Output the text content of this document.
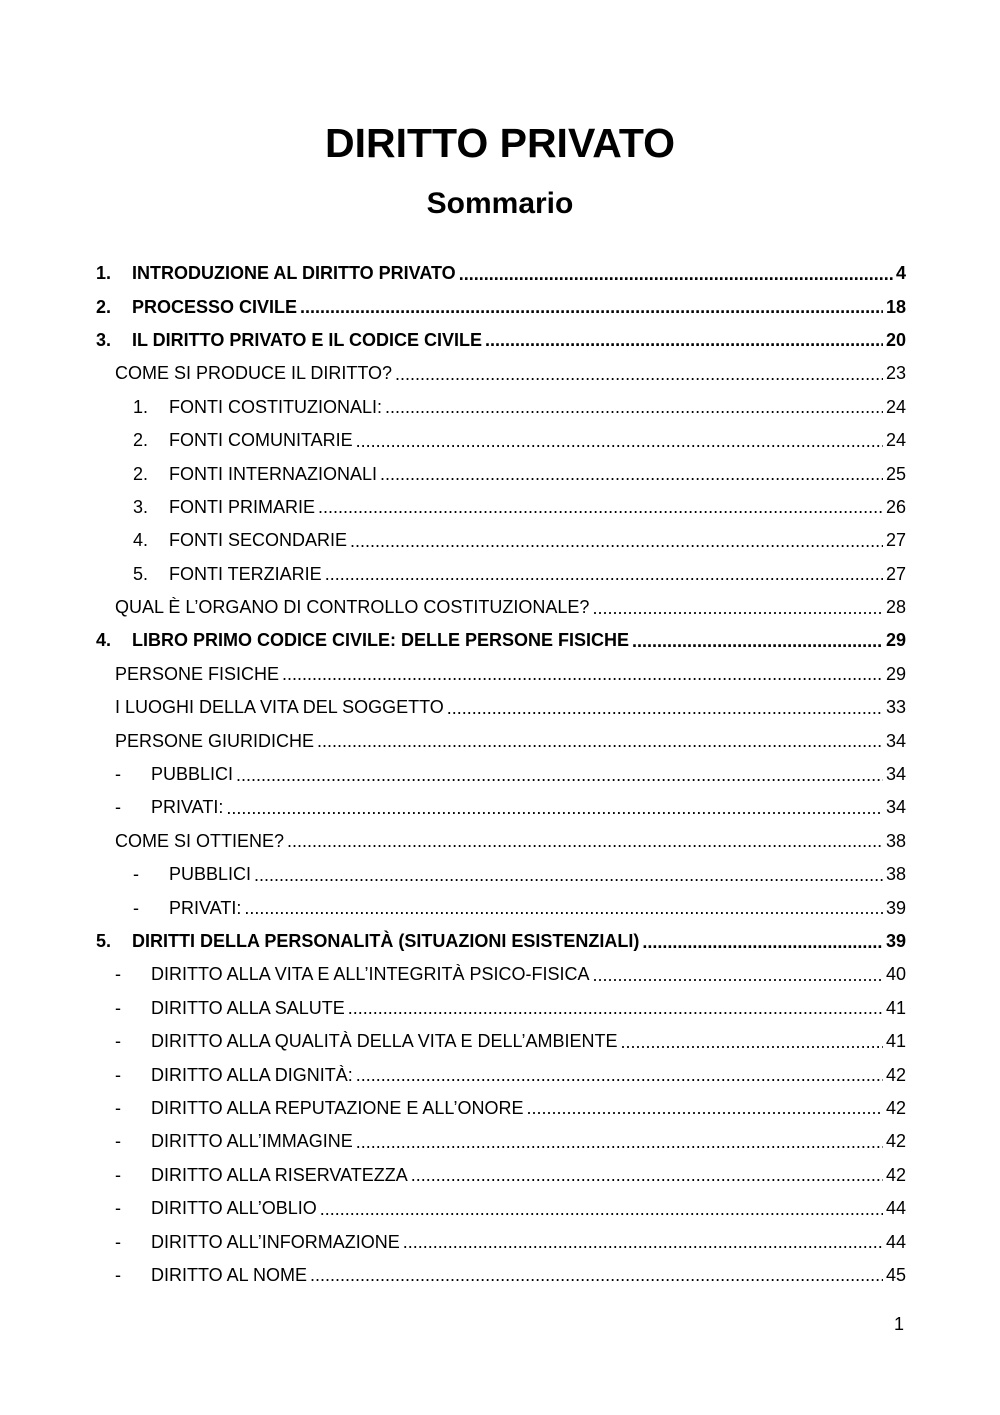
DIRITTO PRIVATO
Sommario
1.	INTRODUZIONE AL DIRITTO PRIVATO .....	4
2.	PROCESSO CIVILE .....	18
3.	IL DIRITTO PRIVATO E IL CODICE CIVILE .....	20
COME SI PRODUCE IL DIRITTO? .....	23
1.	FONTI COSTITUZIONALI: .....	24
2.	FONTI COMUNITARIE .....	24
2.	FONTI INTERNAZIONALI .....	25
3.	FONTI PRIMARIE .....	26
4.	FONTI SECONDARIE .....	27
5.	FONTI TERZIARIE .....	27
QUAL È L’ORGANO DI CONTROLLO COSTITUZIONALE? .....	28
4.	LIBRO PRIMO CODICE CIVILE: DELLE PERSONE FISICHE .....	29
PERSONE FISICHE .....	29
I LUOGHI DELLA VITA DEL SOGGETTO .....	33
PERSONE GIURIDICHE .....	34
-	PUBBLICI .....	34
-	PRIVATI: .....	34
COME SI OTTIENE? .....	38
-	PUBBLICI .....	38
-	PRIVATI: .....	39
5.	DIRITTI DELLA PERSONALITÀ (SITUAZIONI ESISTENZIALI) .....	39
-	DIRITTO ALLA VITA E ALL’INTEGRITÀ PSICO-FISICA .....	40
-	DIRITTO ALLA SALUTE .....	41
-	DIRITTO ALLA QUALITÀ DELLA VITA E DELL’AMBIENTE .....	41
-	DIRITTO ALLA DIGNITÀ: .....	42
-	DIRITTO ALLA REPUTAZIONE E ALL’ONORE .....	42
-	DIRITTO ALL’IMMAGINE .....	42
-	DIRITTO ALLA RISERVATEZZA .....	42
-	DIRITTO ALL’OBLIO .....	44
-	DIRITTO ALL’INFORMAZIONE .....	44
-	DIRITTO AL NOME .....	45
1
